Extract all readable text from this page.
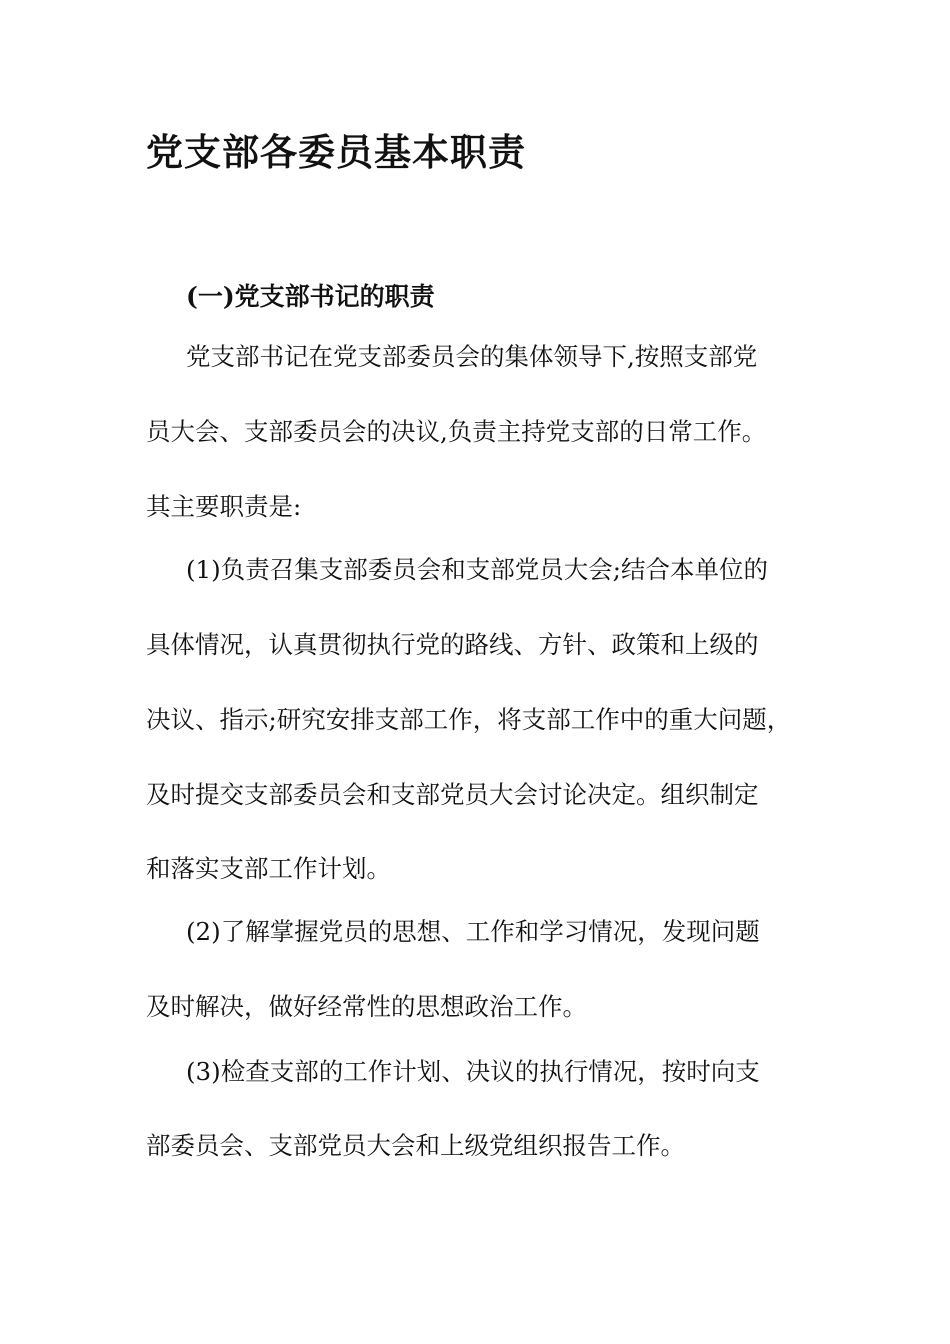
党支部各委员基本职责
(一)党支部书记的职责

党支部书记在党支部委员会的集体领导下,按照支部党

员大会、支部委员会的决议,负责主持党支部的日常工作。

其主要职责是:

(1)负责召集支部委员会和支部党员大会;结合本单位的

具体情况，认真贯彻执行党的路线、方针、政策和上级的

决议、指示;研究安排支部工作，将支部工作中的重大问题，

及时提交支部委员会和支部党员大会讨论决定。组织制定

和落实支部工作计划。

(2)了解掌握党员的思想、工作和学习情况，发现问题

及时解决，做好经常性的思想政治工作。

(3)检查支部的工作计划、决议的执行情况，按时向支

部委员会、支部党员大会和上级党组织报告工作。
